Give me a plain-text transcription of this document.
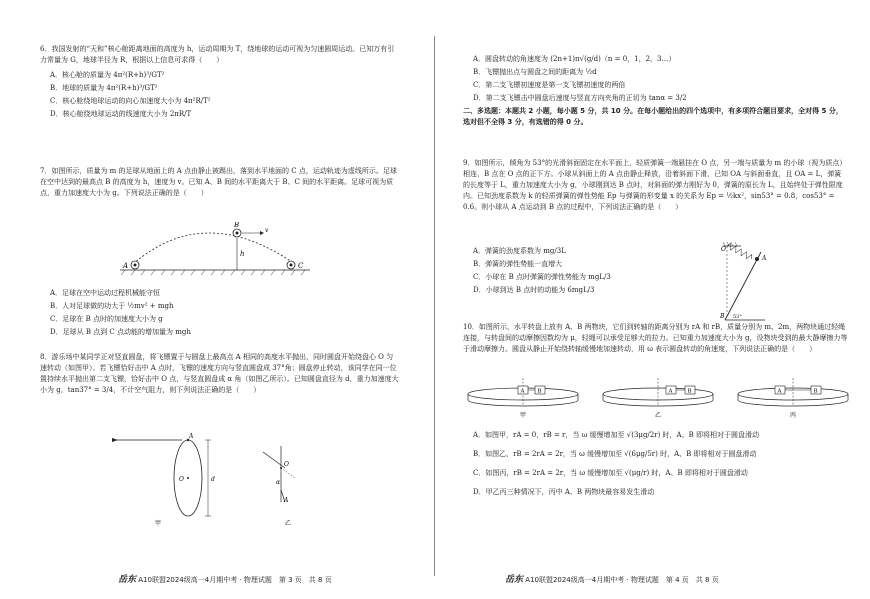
6．我国发射的“天和”核心舱距离地面的高度为 h，运动周期为 T，绕地球的运动可视为匀速圆周运动。已知万有引力常量为 G，地球半径为 R，根据以上信息可求得（　　）
A．核心舱的质量为 4π²(R+h)³/GT²
B．地球的质量为 4π²(R+h)³/GT²
C．核心舱绕地球运动的向心加速度大小为 4π²R/T²
D．核心舱绕地球运动的线速度大小为 2πR/T
7．如图所示，质量为 m 的足球从地面上的 A 点由静止被踢出，落到水平地面的 C 点，运动轨迹为虚线所示。足球在空中达到的最高点 B 的高度为 h，速度为 v。已知 A、B 间的水平距离大于 B、C 间的水平距离。足球可视为质点，重力加速度大小为 g。下列说法正确的是（　　）
A
B
C
h
v
A．足球在空中运动过程机械能守恒
B．人对足球做的功大于 ½mv² + mgh
C．足球在 B 点时的加速度大小为 g
D．足球从 B 点到 C 点动能的增加量为 mgh
8．游乐场中某同学正对竖直圆盘，将飞镖置于与圆盘上最高点 A 相同的高度水平抛出，同时圆盘开始绕盘心 O 匀速转动（如图甲）。若飞镖恰好击中 A 点时，飞镖的速度方向与竖直圆盘成 37°角；圆盘停止转动，该同学在同一位置持续水平抛出第二支飞镖，恰好击中 O 点，与竖直圆盘成 α 角（如图乙所示）。已知圆盘直径为 d，重力加速度大小为 g，tan37° = 3/4，不计空气阻力，则下列说法正确的是（　　）
A
O	d
甲
O
α
A
乙
岳东 A10联盟2024级高一4月期中考 · 物理试题　第 3 页　共 8 页
A．圆盘转动的角速度为 (2n+1)π√(g/d)（n = 0，1，2，3…）
B．飞镖抛出点与圆盘之间的距离为 ½d
C．第二支飞镖初速度是第一支飞镖初速度的两倍
D．第二支飞镖击中圆盘后速度与竖直方向夹角的正切为 tanα = 3/2
二、多选题：本题共 2 小题，每小题 5 分，共 10 分。在每小题给出的四个选项中，有多项符合题目要求，全对得 5 分，选对但不全得 3 分，有选错的得 0 分。
9．如图所示，倾角为 53°的光滑斜面固定在水平面上，轻质弹簧一端悬挂在 O 点，另一端与质量为 m 的小球（视为质点）相连，B 点在 O 点的正下方。小球从斜面上的 A 点由静止释放，沿着斜面下滑，已知 OA 与斜面垂直，且 OA = L，弹簧的长度等于 L，重力加速度大小为 g，小球刚到达 B 点时，对斜面的弹力刚好为 0，弹簧的原长为 L，且始终处于弹性限度内。已知劲度系数为 k 的轻质弹簧的弹性势能 Ep 与弹簧的形变量 x 的关系为 Ep = ½kx²，sin53° = 0.8，cos53° = 0.6。则小球从 A 点运动到 B 点的过程中，下列说法正确的是（　　）
A．弹簧的劲度系数为 mg/3L
B．弹簧的弹性势能一直增大
C．小球在 B 点时弹簧的弹性势能为 mgL/3
D．小球到达 B 点时的动能为 6mgL/3
O
A
B 53°
10．如图所示，水平转盘上放有 A、B 两物块，它们到转轴的距离分别为 rA 和 rB，质量分别为 m、2m，两物块通过轻绳连接，与转盘间的动摩擦因数均为 μ，轻绳可以承受足够大的拉力。已知重力加速度大小为 g，设物块受到的最大静摩擦力等于滑动摩擦力。圆盘从静止开始绕转轴缓慢地加速转动，用 ω 表示圆盘转动的角速度，下列说法正确的是（　　）
A B
甲
A	B
乙
A	B
丙
A．如图甲，rA = 0，rB = r，当 ω 缓慢增加至 √(3μg/2r) 时，A、B 即将相对于圆盘滑动
B．如图乙，rB = 2rA = 2r，当 ω 缓慢增加至 √(6μg/5r) 时，A、B 即将相对于圆盘滑动
C．如图丙，rB = 2rA = 2r，当 ω 缓慢增加至 √(μg/r) 时，A、B 即将相对于圆盘滑动
D．甲乙丙三种情况下，丙中 A、B 两物块最容易发生滑动
岳东 A10联盟2024级高一4月期中考 · 物理试题　第 4 页　共 8 页
